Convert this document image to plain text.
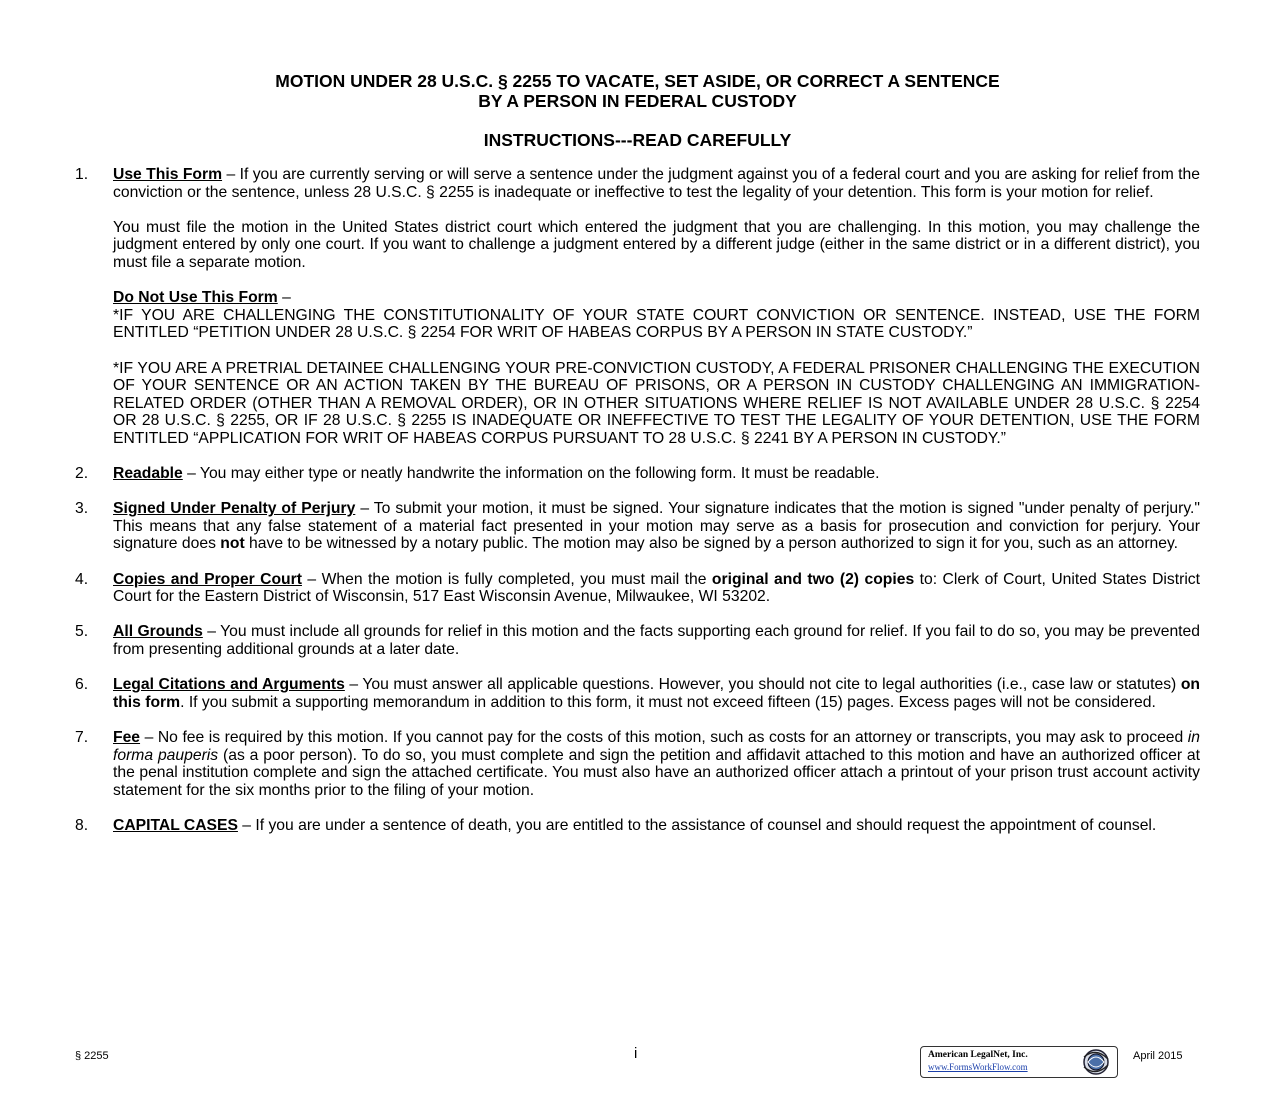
MOTION UNDER 28 U.S.C. § 2255 TO VACATE, SET ASIDE, OR CORRECT A SENTENCE
BY A PERSON IN FEDERAL CUSTODY
INSTRUCTIONS---READ CAREFULLY
1.	Use This Form – If you are currently serving or will serve a sentence under the judgment against you of a federal court and you are asking for relief from the conviction or the sentence, unless 28 U.S.C. § 2255 is inadequate or ineffective to test the legality of your detention. This form is your motion for relief.

You must file the motion in the United States district court which entered the judgment that you are challenging. In this motion, you may challenge the judgment entered by only one court. If you want to challenge a judgment entered by a different judge (either in the same district or in a different district), you must file a separate motion.

Do Not Use This Form –

*IF YOU ARE CHALLENGING THE CONSTITUTIONALITY OF YOUR STATE COURT CONVICTION OR SENTENCE. INSTEAD, USE THE FORM ENTITLED “PETITION UNDER 28 U.S.C. § 2254 FOR WRIT OF HABEAS CORPUS BY A PERSON IN STATE CUSTODY.”

*IF YOU ARE A PRETRIAL DETAINEE CHALLENGING YOUR PRE-CONVICTION CUSTODY, A FEDERAL PRISONER CHALLENGING THE EXECUTION OF YOUR SENTENCE OR AN ACTION TAKEN BY THE BUREAU OF PRISONS, OR A PERSON IN CUSTODY CHALLENGING AN IMMIGRATION-RELATED ORDER (OTHER THAN A REMOVAL ORDER), OR IN OTHER SITUATIONS WHERE RELIEF IS NOT AVAILABLE UNDER 28 U.S.C. § 2254 OR 28 U.S.C. § 2255, OR IF 28 U.S.C. § 2255 IS INADEQUATE OR INEFFECTIVE TO TEST THE LEGALITY OF YOUR DETENTION, USE THE FORM ENTITLED “APPLICATION FOR WRIT OF HABEAS CORPUS PURSUANT TO 28 U.S.C. § 2241 BY A PERSON IN CUSTODY.”

2.	Readable – You may either type or neatly handwrite the information on the following form. It must be readable.

3.	Signed Under Penalty of Perjury – To submit your motion, it must be signed. Your signature indicates that the motion is signed "under penalty of perjury." This means that any false statement of a material fact presented in your motion may serve as a basis for prosecution and conviction for perjury. Your signature does not have to be witnessed by a notary public. The motion may also be signed by a person authorized to sign it for you, such as an attorney.

4.	Copies and Proper Court – When the motion is fully completed, you must mail the original and two (2) copies to: Clerk of Court, United States District Court for the Eastern District of Wisconsin, 517 East Wisconsin Avenue, Milwaukee, WI 53202.

5.	All Grounds – You must include all grounds for relief in this motion and the facts supporting each ground for relief. If you fail to do so, you may be prevented from presenting additional grounds at a later date.

6.	Legal Citations and Arguments – You must answer all applicable questions. However, you should not cite to legal authorities (i.e., case law or statutes) on this form. If you submit a supporting memorandum in addition to this form, it must not exceed fifteen (15) pages. Excess pages will not be considered.

7.	Fee – No fee is required by this motion. If you cannot pay for the costs of this motion, such as costs for an attorney or transcripts, you may ask to proceed in forma pauperis (as a poor person). To do so, you must complete and sign the petition and affidavit attached to this motion and have an authorized officer at the penal institution complete and sign the attached certificate. You must also have an authorized officer attach a printout of your prison trust account activity statement for the six months prior to the filing of your motion.

8.	CAPITAL CASES – If you are under a sentence of death, you are entitled to the assistance of counsel and should request the appointment of counsel.

§ 2255	i	American LegalNet, Inc.
www.FormsWorkFlow.com
April 2015
